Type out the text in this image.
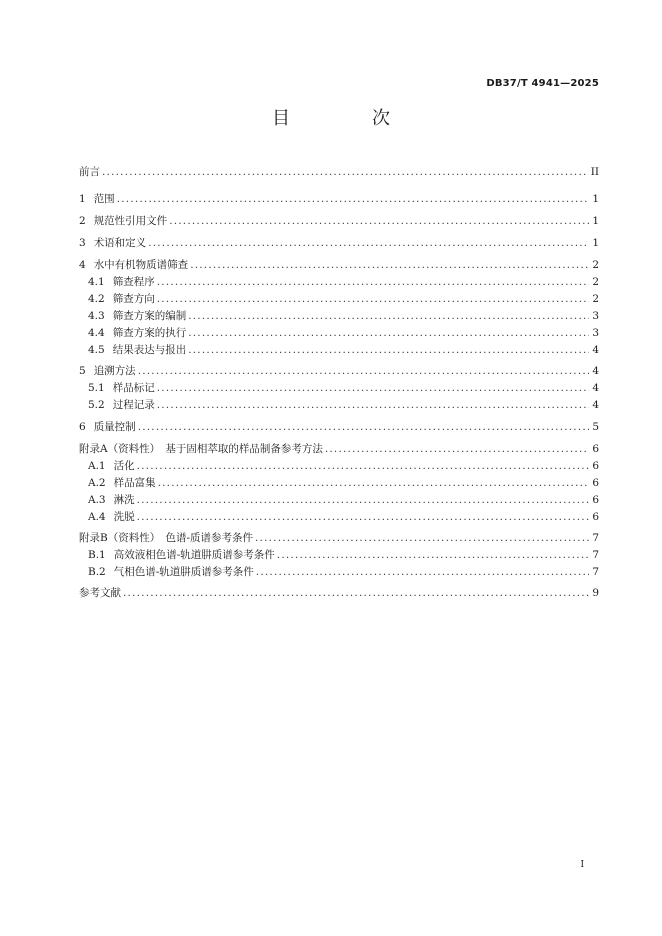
DB37/T 4941—2025
目　次
前言 .....	II
1 范围 .....	1
2 规范性引用文件 .....	1
3 术语和定义 .....	1
4 水中有机物质谱筛查 .....	2
4.1 筛查程序 .....	2
4.2 筛查方向 .....	2
4.3 筛查方案的编制 .....	3
4.4 筛查方案的执行 .....	3
4.5 结果表达与报出 .....	4
5 追溯方法 .....	4
5.1 样品标记 .....	4
5.2 过程记录 .....	4
6 质量控制 .....	5
附录A（资料性）　基于固相萃取的样品制备参考方法 .....	6
A.1 活化 .....	6
A.2 样品富集 .....	6
A.3 淋洗 .....	6
A.4 洗脱 .....	6
附录B（资料性）　色谱-质谱参考条件 .....	7
B.1 高效液相色谱-轨道肼质谱参考条件 .....	7
B.2 气相色谱-轨道肼质谱参考条件 .....	7
参考文献 .....	9
I
